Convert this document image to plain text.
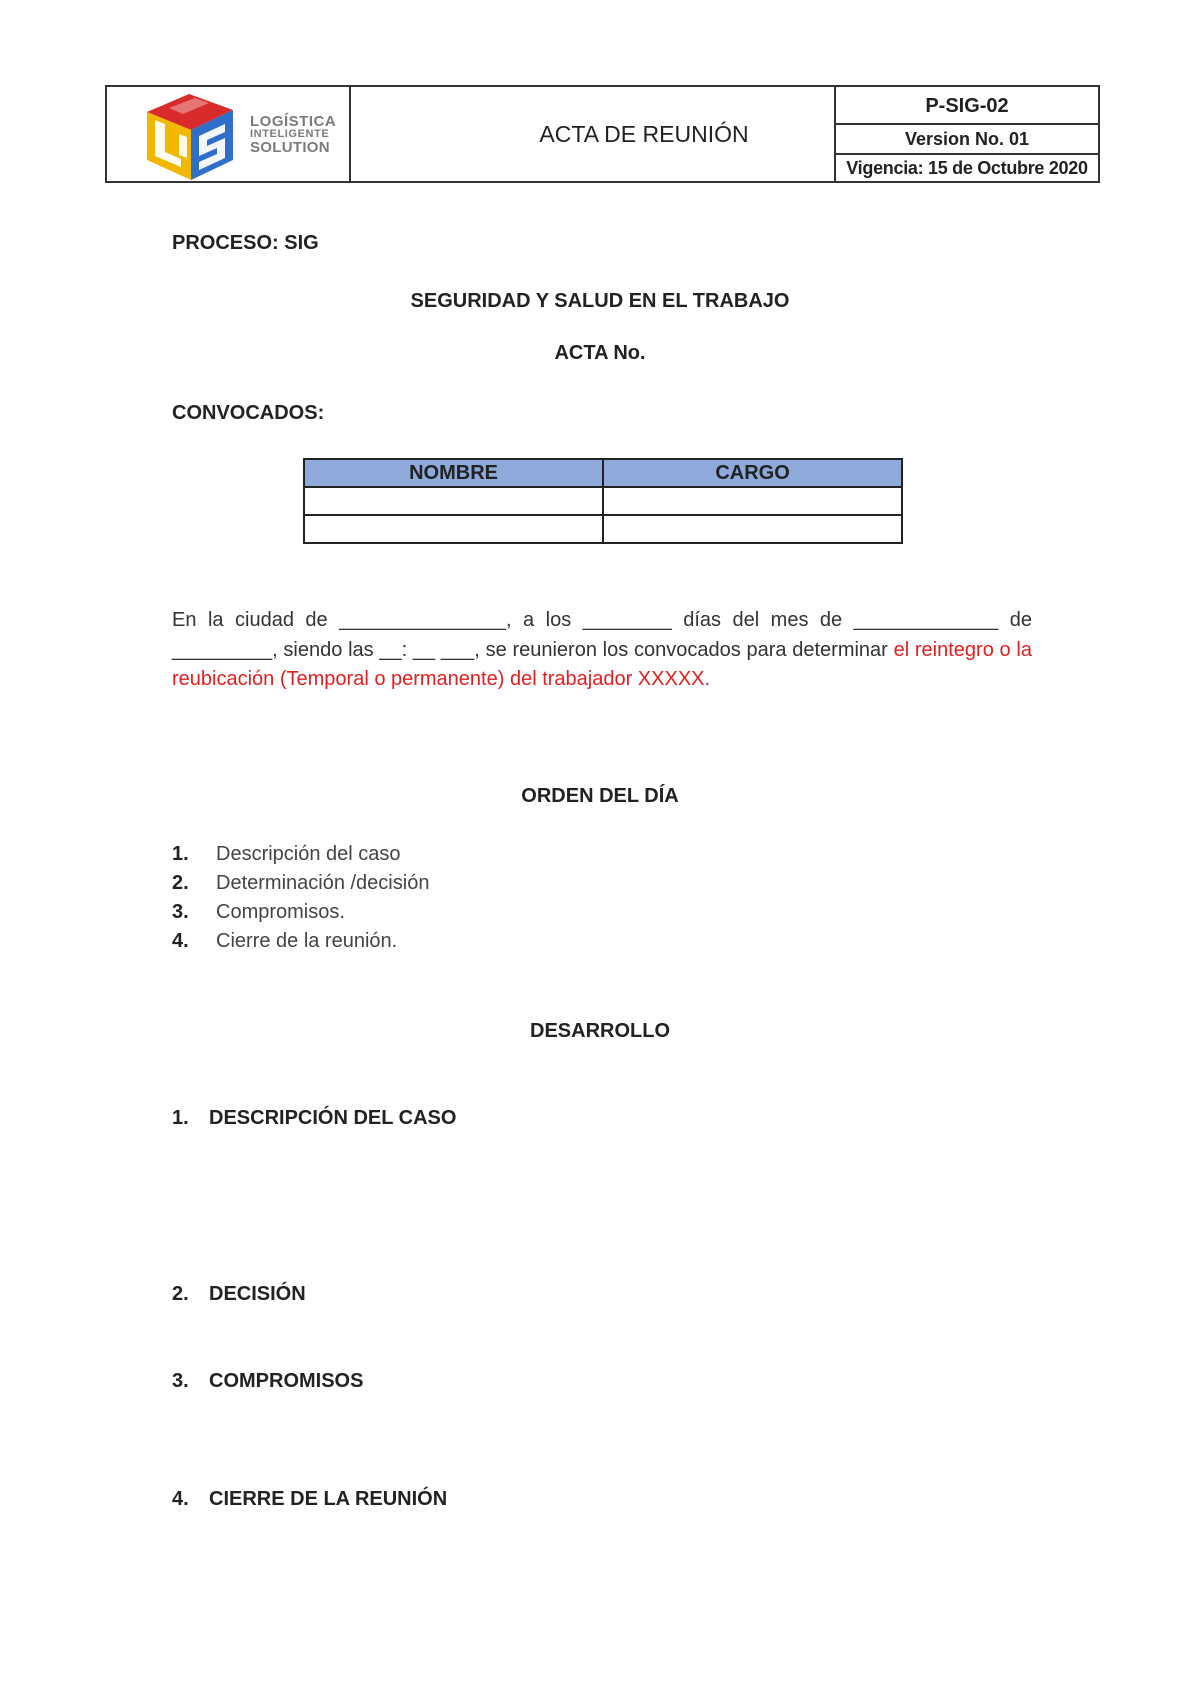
LOGÍSTICA
INTELIGENTE
SOLUTION
ACTA DE REUNIÓN
P-SIG-02
Version No. 01
Vigencia: 15 de Octubre 2020
PROCESO: SIG
SEGURIDAD Y SALUD EN EL TRABAJO
ACTA No.
CONVOCADOS:
NOMBRE	CARGO

En la ciudad de _______________, a los ________ días del mes de _____________ de _________, siendo las __: __ ___, se reunieron los convocados para determinar el reintegro o la reubicación (Temporal o permanente) del trabajador XXXXX.
ORDEN DEL DÍA
1. Descripción del caso
2. Determinación /decisión
3. Compromisos.
4. Cierre de la reunión.
DESARROLLO
1. DESCRIPCIÓN DEL CASO
2. DECISIÓN
3. COMPROMISOS
4. CIERRE DE LA REUNIÓN
